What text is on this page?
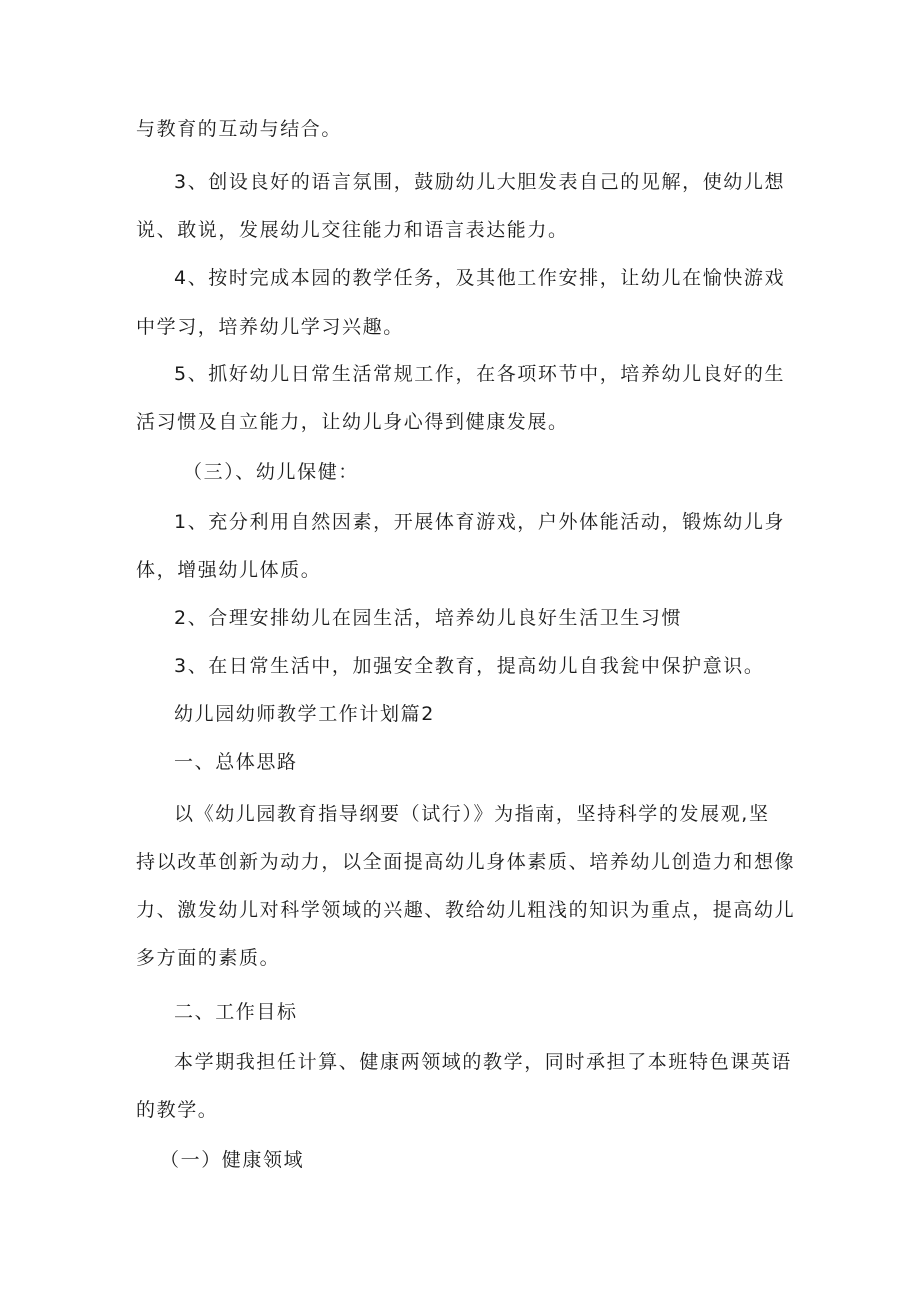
与教育的互动与结合。
3、创设良好的语言氛围，鼓励幼儿大胆发表自己的见解，使幼儿想
说、敢说，发展幼儿交往能力和语言表达能力。
4、按时完成本园的教学任务，及其他工作安排，让幼儿在愉快游戏
中学习，培养幼儿学习兴趣。
5、抓好幼儿日常生活常规工作，在各项环节中，培养幼儿良好的生
活习惯及自立能力，让幼儿身心得到健康发展。
（三）、幼儿保健：
1、充分利用自然因素，开展体育游戏，户外体能活动，锻炼幼儿身
体，增强幼儿体质。
2、合理安排幼儿在园生活，培养幼儿良好生活卫生习惯
3、在日常生活中，加强安全教育，提高幼儿自我瓮中保护意识。
幼儿园幼师教学工作计划篇2
一、总体思路
以《幼儿园教育指导纲要（试行）》为指南，坚持科学的发展观,坚
持以改革创新为动力，以全面提高幼儿身体素质、培养幼儿创造力和想像
力、激发幼儿对科学领域的兴趣、教给幼儿粗浅的知识为重点，提高幼儿
多方面的素质。
二、工作目标
本学期我担任计算、健康两领域的教学，同时承担了本班特色课英语
的教学。
（一）健康领域
